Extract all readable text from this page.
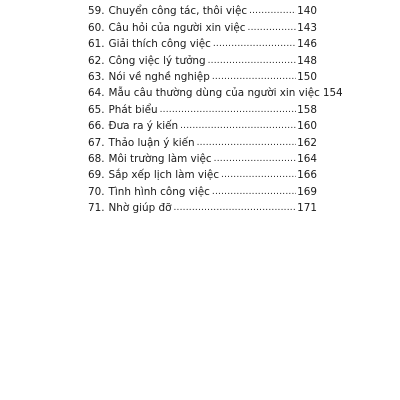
59. Chuyển công tác, thôi việc .....	140
60. Câu hỏi của người xin việc .....	143
61. Giải thích công việc .....	146
62. Công việc lý tưởng .....	148
63. Nói về nghề nghiệp .....	150
64. Mẫu câu thường dùng của người xin việc 154
65. Phát biểu .....	158
66. Đưa ra ý kiến .....	160
67. Thảo luận ý kiến .....	162
68. Môi trường làm việc .....	164
69. Sắp xếp lịch làm việc .....	166
70. Tình hình công việc .....	169
71. Nhờ giúp đỡ .....	171
